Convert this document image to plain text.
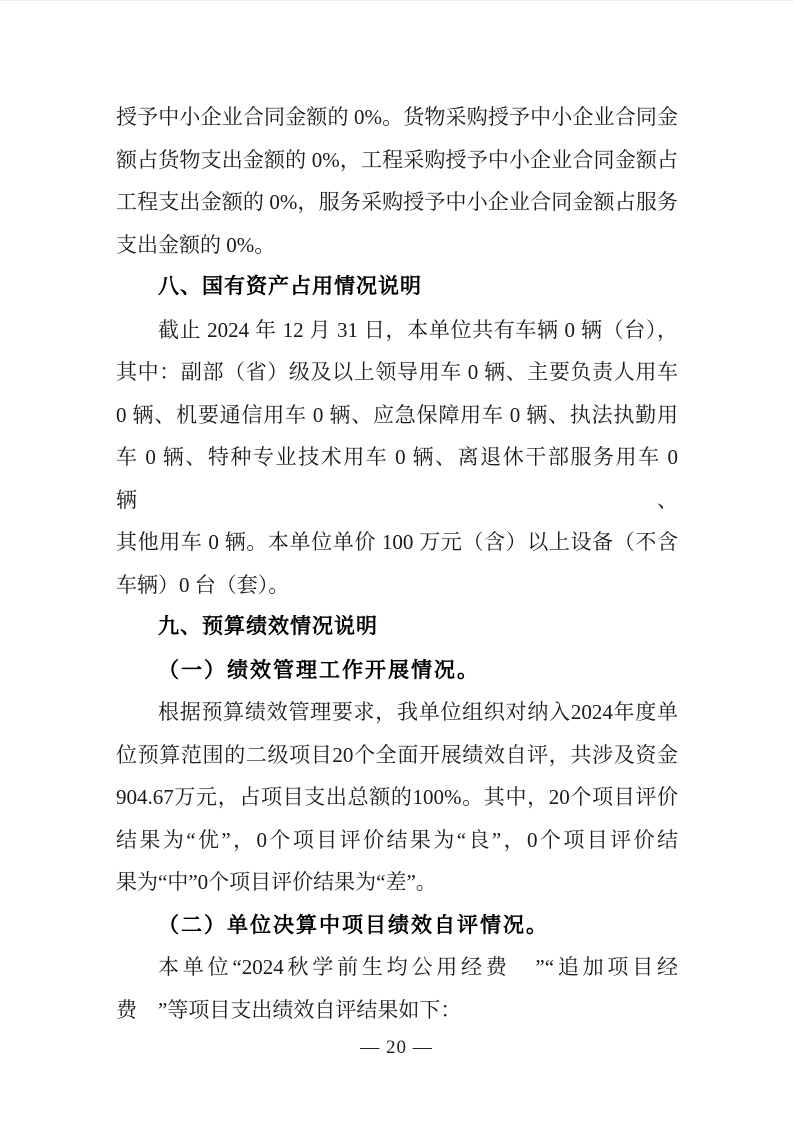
授予中小企业合同金额的 0%。货物采购授予中小企业合同金
额占货物支出金额的 0%，工程采购授予中小企业合同金额占
工程支出金额的 0%，服务采购授予中小企业合同金额占服务
支出金额的 0%。
八、国有资产占用情况说明
截止 2024 年 12 月 31 日，本单位共有车辆 0 辆（台），
其中：副部（省）级及以上领导用车 0 辆、主要负责人用车
0 辆、机要通信用车 0 辆、应急保障用车 0 辆、执法执勤用
车 0 辆、特种专业技术用车 0 辆、离退休干部服务用车 0 辆、
其他用车 0 辆。本单位单价 100 万元（含）以上设备（不含
车辆）0 台（套）。
九、预算绩效情况说明
（一）绩效管理工作开展情况。
根据预算绩效管理要求，我单位组织对纳入2024年度单
位预算范围的二级项目20个全面开展绩效自评，共涉及资金
904.67万元，占项目支出总额的100%。其中，20个项目评价
结果为“优”，0个项目评价结果为“良”，0个项目评价结
果为“中”0个项目评价结果为“差”。
（二）单位决算中项目绩效自评情况。
本单位“2024秋学前生均公用经费　”“追加项目经
费　”等项目支出绩效自评结果如下：
— 20 —
